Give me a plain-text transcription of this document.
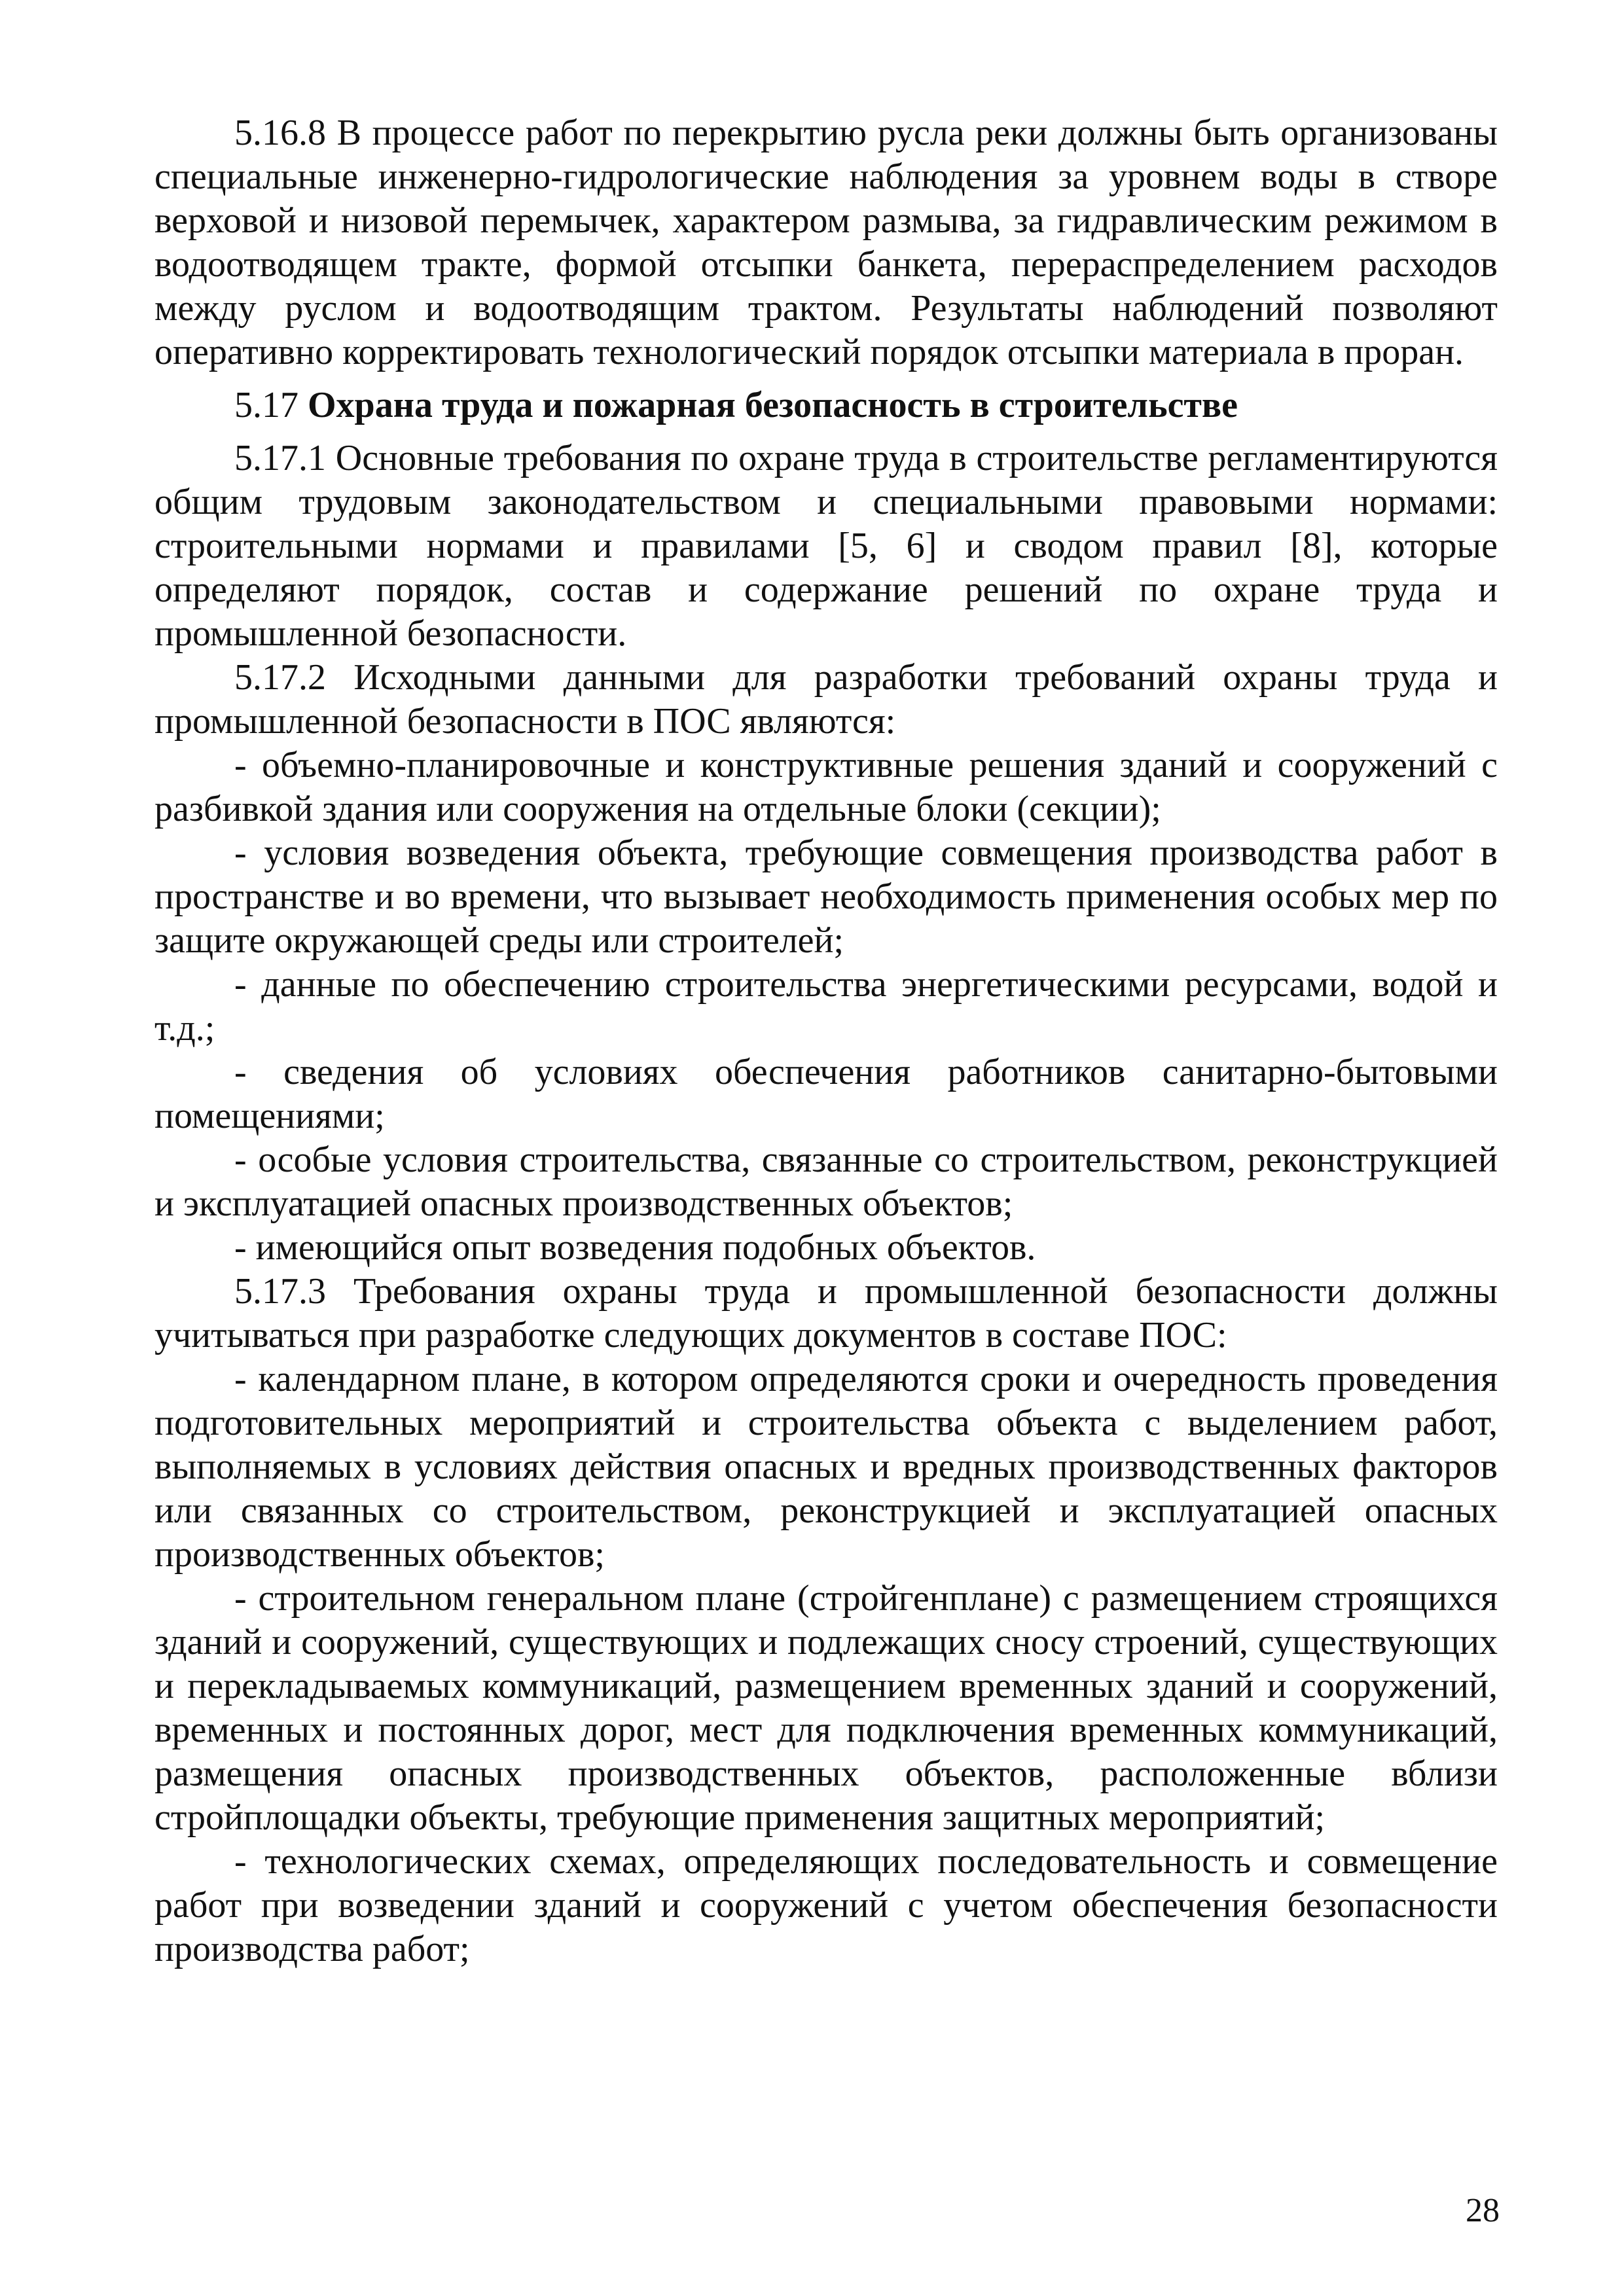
5.16.8 В процессе работ по перекрытию русла реки должны быть организованы специальные инженерно-гидрологические наблюдения за уровнем воды в створе верховой и низовой перемычек, характером размыва, за гидравлическим режимом в водоотводящем тракте, формой отсыпки банкета, перераспределением расходов между руслом и водоотводящим трактом. Результаты наблюдений позволяют оперативно корректировать технологический порядок отсыпки материала в проран.

5.17 Охрана труда и пожарная безопасность в строительстве

5.17.1 Основные требования по охране труда в строительстве регламентируются общим трудовым законодательством и специальными правовыми нормами: строительными нормами и правилами [5, 6] и сводом правил [8], которые определяют порядок, состав и содержание решений по охране труда и промышленной безопасности.

5.17.2 Исходными данными для разработки требований охраны труда и промышленной безопасности в ПОС являются:

- объемно-планировочные и конструктивные решения зданий и сооружений с разбивкой здания или сооружения на отдельные блоки (секции);

- условия возведения объекта, требующие совмещения производства работ в пространстве и во времени, что вызывает необходимость применения особых мер по защите окружающей среды или строителей;

- данные по обеспечению строительства энергетическими ресурсами, водой и т.д.;

- сведения об условиях обеспечения работников санитарно-бытовыми помещениями;

- особые условия строительства, связанные со строительством, реконструкцией и эксплуатацией опасных производственных объектов;

- имеющийся опыт возведения подобных объектов.

5.17.3 Требования охраны труда и промышленной безопасности должны учитываться при разработке следующих документов в составе ПОС:

- календарном плане, в котором определяются сроки и очередность проведения подготовительных мероприятий и строительства объекта с выделением работ, выполняемых в условиях действия опасных и вредных производственных факторов или связанных со строительством, реконструкцией и эксплуатацией опасных производственных объектов;

- строительном генеральном плане (стройгенплане) с размещением строящихся зданий и сооружений, существующих и подлежащих сносу строений, существующих и перекладываемых коммуникаций, размещением временных зданий и сооружений, временных и постоянных дорог, мест для подключения временных коммуникаций, размещения опасных производственных объектов, расположенные вблизи стройплощадки объекты, требующие применения защитных мероприятий;

- технологических схемах, определяющих последовательность и совмещение работ при возведении зданий и сооружений с учетом обеспечения безопасности производства работ;

28
